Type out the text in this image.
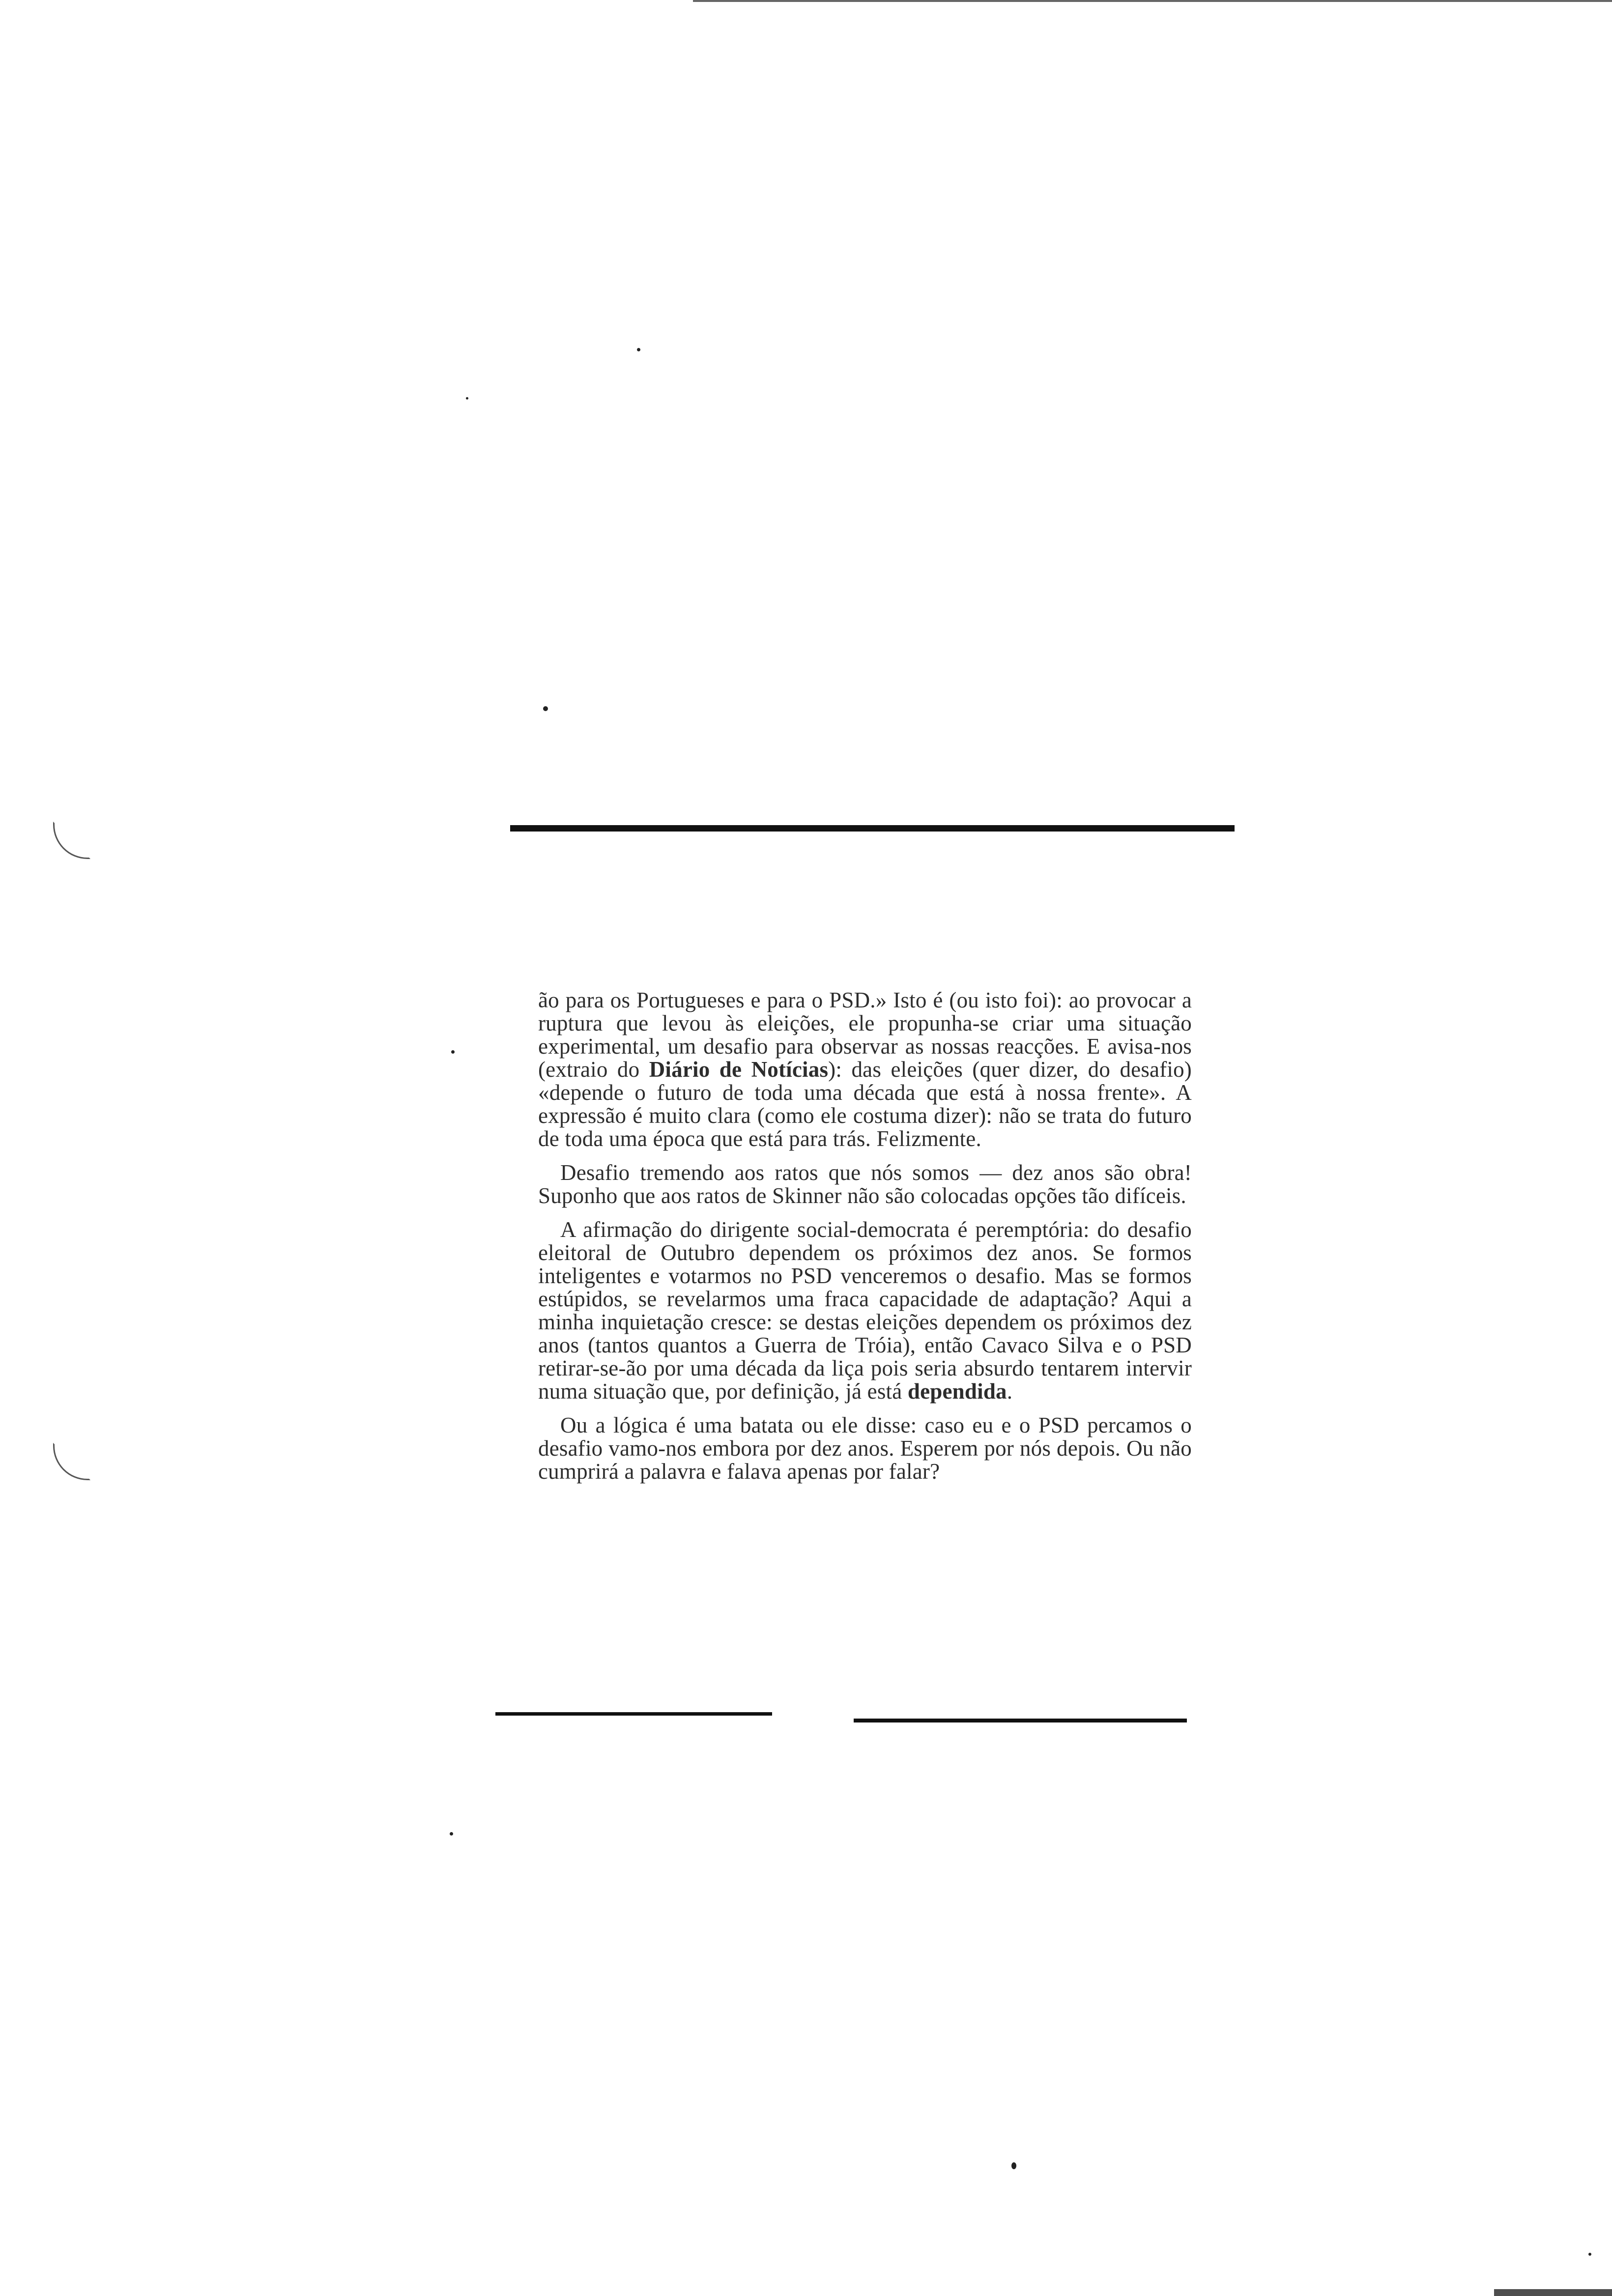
ão para os Portugueses e para o PSD.» Isto é (ou isto foi): ao provocar a ruptura que levou às eleições, ele propunha-se criar uma situação experimental, um desafio para observar as nossas reacções. E avisa-nos (extraio do Diário de Notícias): das eleições (quer dizer, do desafio) «depende o futuro de toda uma década que está à nossa frente». A expressão é muito clara (como ele costuma dizer): não se trata do futuro de toda uma época que está para trás. Felizmente.

Desafio tremendo aos ratos que nós somos — dez anos são obra! Suponho que aos ratos de Skinner não são colocadas opções tão difíceis.

A afirmação do dirigente social-democrata é peremptória: do desafio eleitoral de Outubro dependem os próximos dez anos. Se formos inteligentes e votarmos no PSD venceremos o desafio. Mas se formos estúpidos, se revelarmos uma fraca capacidade de adaptação? Aqui a minha inquietação cresce: se destas eleições dependem os próximos dez anos (tantos quantos a Guerra de Tróia), então Cavaco Silva e o PSD retirar-se-ão por uma década da liça pois seria absurdo tentarem intervir numa situação que, por definição, já está dependida.

Ou a lógica é uma batata ou ele disse: caso eu e o PSD percamos o desafio vamo-nos embora por dez anos. Esperem por nós depois. Ou não cumprirá a palavra e falava apenas por falar?
